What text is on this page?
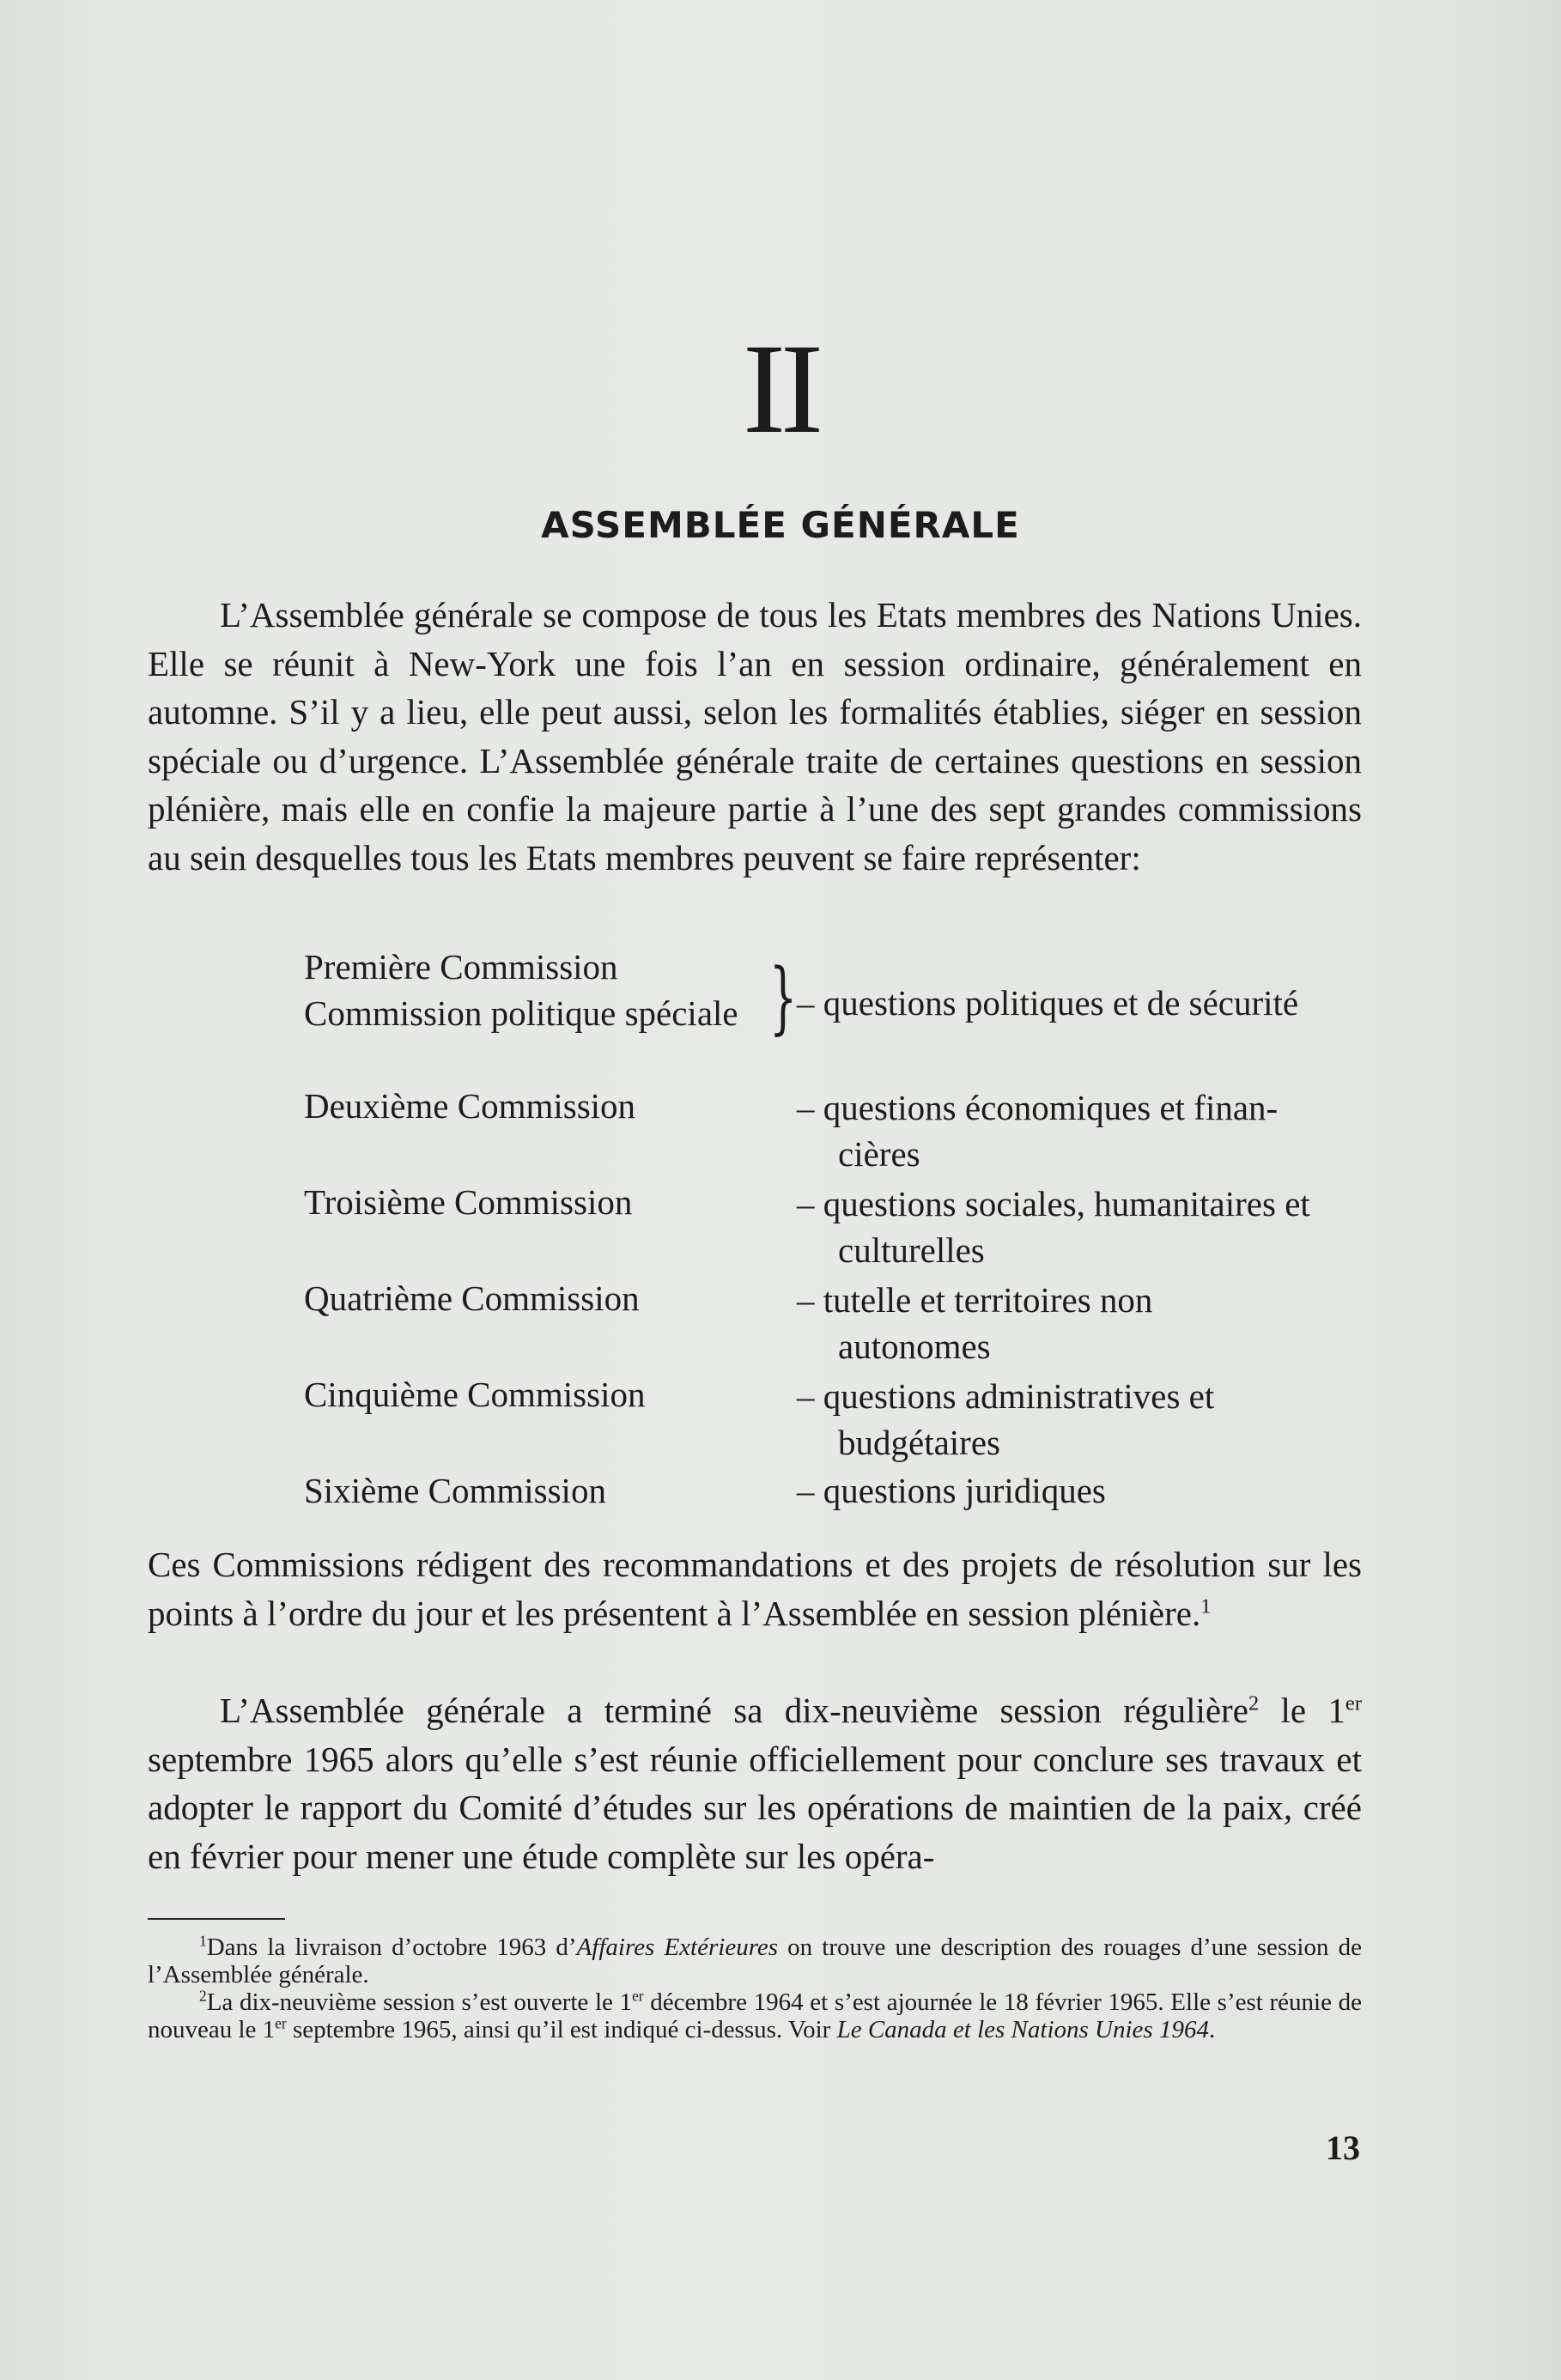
II
ASSEMBLÉE GÉNÉRALE

L’Assemblée générale se compose de tous les Etats membres des Nations Unies. Elle se réunit à New-York une fois l’an en session ordinaire, généralement en automne. S’il y a lieu, elle peut aussi, selon les formalités établies, siéger en session spéciale ou d’urgence. L’Assemblée générale traite de certaines questions en session plénière, mais elle en confie la majeure partie à l’une des sept grandes commissions au sein desquelles tous les Etats membres peuvent se faire représenter:

Première Commission
Commission politique spéciale } – questions politiques et de sécurité
Deuxième Commission	– questions économiques et finan-
cières
Troisième Commission	– questions sociales, humanitaires et
culturelles
Quatrième Commission	– tutelle et territoires non
autonomes
Cinquième Commission	– questions administratives et
budgétaires
Sixième Commission	– questions juridiques

Ces Commissions rédigent des recommandations et des projets de résolution sur les points à l’ordre du jour et les présentent à l’Assemblée en session plénière.$^1$

L’Assemblée générale a terminé sa dix-neuvième session régulière$^2$ le 1er septembre 1965 alors qu’elle s’est réunie officiellement pour conclure ses travaux et adopter le rapport du Comité d’études sur les opérations de maintien de la paix, créé en février pour mener une étude complète sur les opéra-

$^1$Dans la livraison d’octobre 1963 d’Affaires Extérieures on trouve une description des rouages d’une session de l’Assemblée générale.

$^2$La dix-neuvième session s’est ouverte le 1er décembre 1964 et s’est ajournée le 18 février 1965. Elle s’est réunie de nouveau le 1er septembre 1965, ainsi qu’il est indiqué ci-dessus. Voir Le Canada et les Nations Unies 1964.

13
